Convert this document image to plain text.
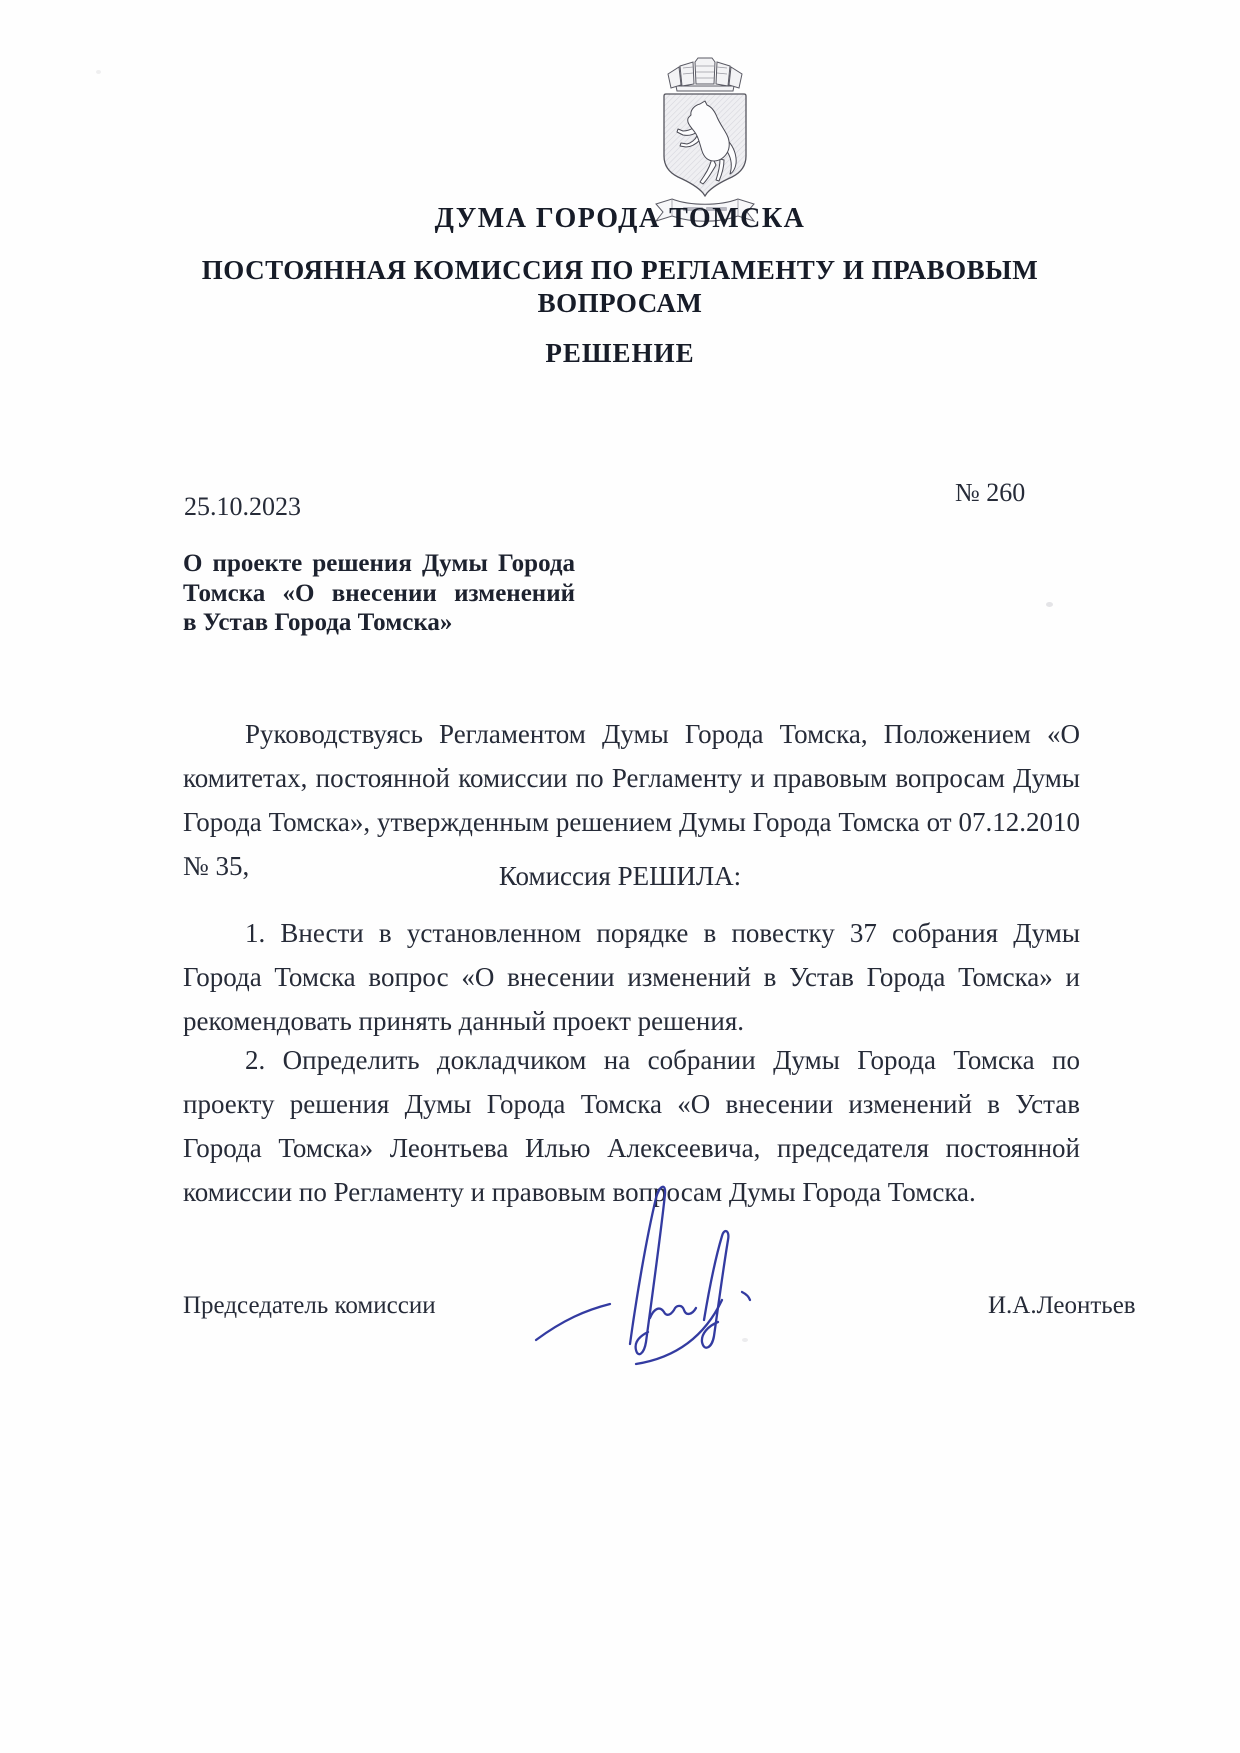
ДУМА ГОРОДА ТОМСКА
ПОСТОЯННАЯ КОМИССИЯ ПО РЕГЛАМЕНТУ И ПРАВОВЫМ ВОПРОСАМ
РЕШЕНИЕ
№ 260
25.10.2023
О проекте решения Думы Города
Томска «О внесении изменений
в Устав Города Томска»
Руководствуясь Регламентом Думы Города Томска, Положением «О комитетах, постоянной комиссии по Регламенту и правовым вопросам Думы Города Томска», утвержденным решением Думы Города Томска от 07.12.2010 № 35,	Комиссия РЕШИЛА:
1. Внести в установленном порядке в повестку 37 собрания Думы Города Томска вопрос «О внесении изменений в Устав Города Томска» и рекомендовать принять данный проект решения.
2. Определить докладчиком на собрании Думы Города Томска по проекту решения Думы Города Томска «О внесении изменений в Устав Города Томска» Леонтьева Илью Алексеевича, председателя постоянной комиссии по Регламенту и правовым вопросам Думы Города Томска.
Председатель комиссии	И.А.Леонтьев
